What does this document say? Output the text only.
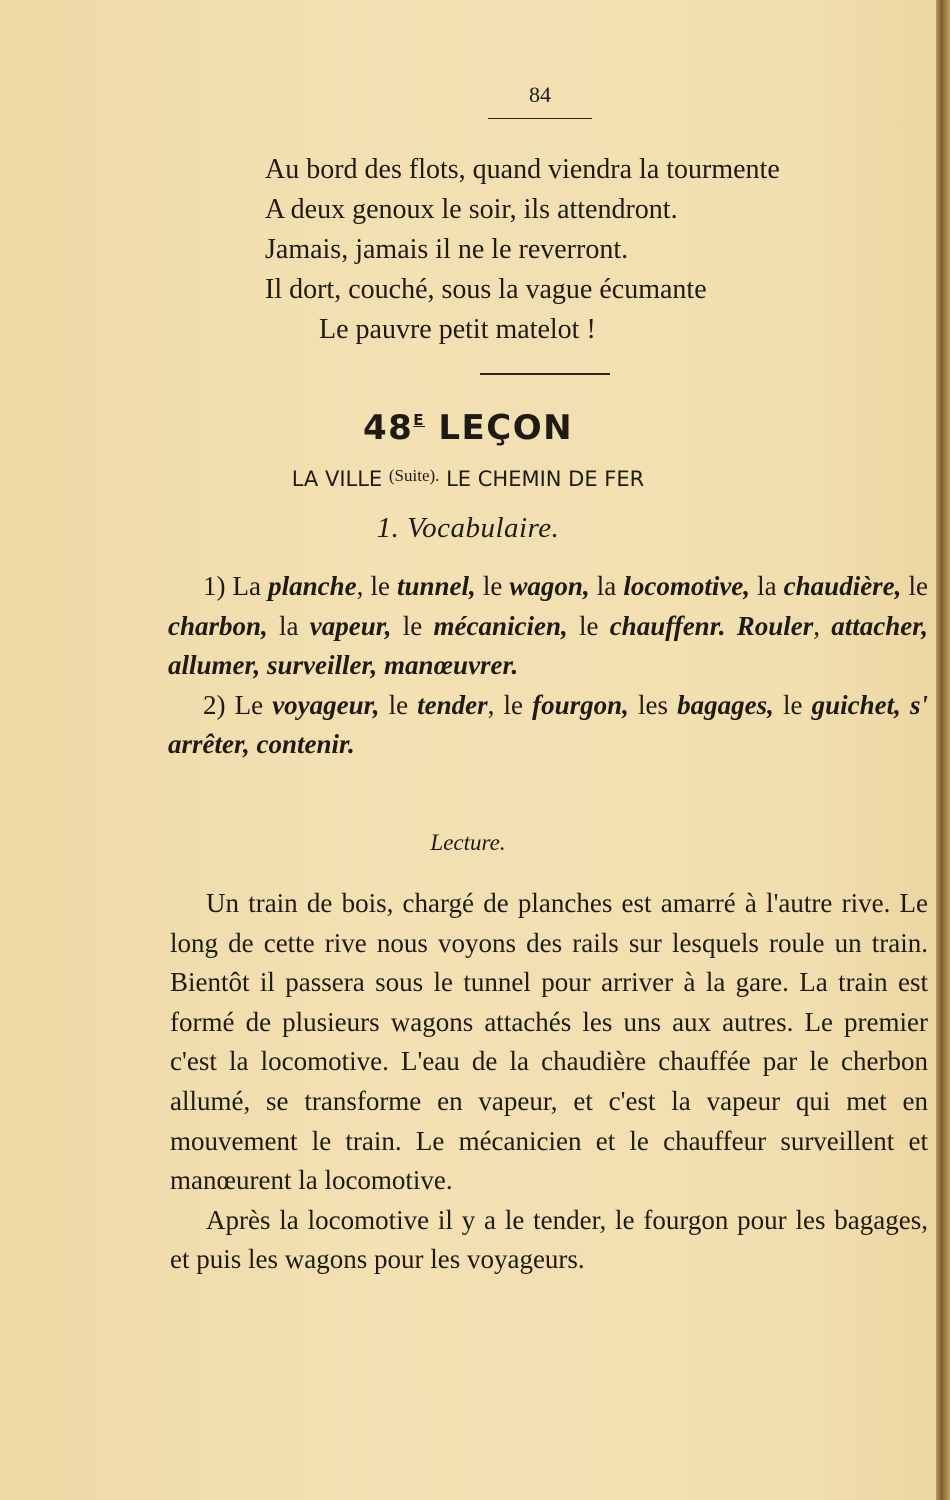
84
Au bord des flots, quand viendra la tourmente
A deux genoux le soir, ils attendront.
Jamais, jamais il ne le reverront.
Il dort, couché, sous la vague écumante
Le pauvre petit matelot !
$48^E$ LEÇON
LA VILLE $^{(Suite).}$ LE CHEMIN DE FER
1. Vocabulaire.

1) La planche, le tunnel, le wagon, la locomotive, la chaudière, le charbon, la vapeur, le mécanicien, le chauffenr. Rouler, attacher, allumer, surveiller, manœuvrer.

2) Le voyageur, le tender, le fourgon, les bagages, le guichet, s' arrêter, contenir.

Lecture.

Un train de bois, chargé de planches est amarré à l'autre rive. Le long de cette rive nous voyons des rails sur lesquels roule un train. Bientôt il passera sous le tunnel pour arriver à la gare. La train est formé de plusieurs wagons attachés les uns aux autres. Le premier c'est la locomotive. L'eau de la chaudière chauffée par le cherbon allumé, se transforme en vapeur, et c'est la vapeur qui met en mouvement le train. Le mécanicien et le chauffeur surveillent et manœurent la locomotive.

Après la locomotive il y a le tender, le fourgon pour les bagages, et puis les wagons pour les voyageurs.
